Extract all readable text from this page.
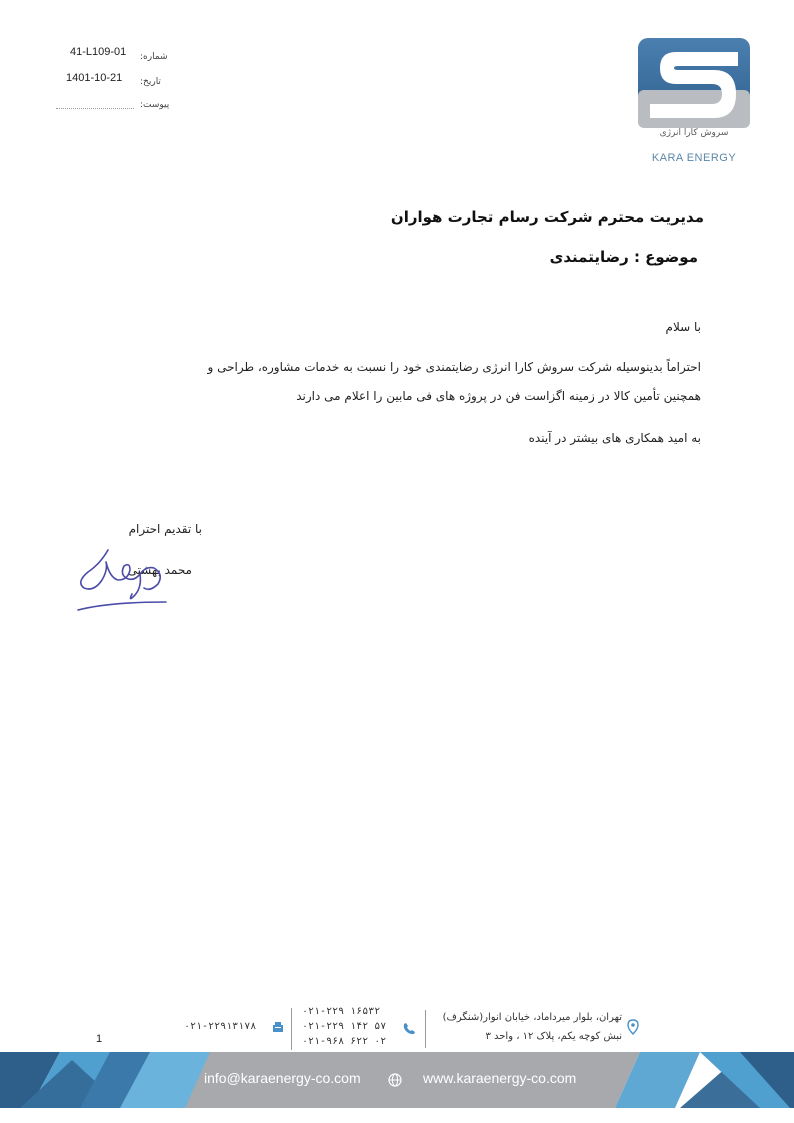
41-L109-01 شماره:
1401-10-21 تاریخ:
پیوست:
سروش کارا انرژی
KARA ENERGY
مدیریت محترم شرکت رسام تجارت هواران
موضوع : رضایتمندی
با سلام
احتراماً بدینوسیله شرکت سروش کارا انرژی رضایتمندی خود را نسبت به خدمات مشاوره، طراحی و
همچنین تأمین کالا در زمینه اگزاست فن در پروژه های فی مابین را اعلام می دارند
به امید همکاری های بیشتر در آینده
با تقدیم احترام
محمد بهشتی
تهران، بلوار میرداماد، خیابان انوار(شنگرف)
نبش کوچه یکم، پلاک ۱۲ ، واحد ۳
۰۲۱-۲۲۹ ۱۶۵۳۲
۰۲۱-۲۲۹ ۱۴۲ ۵۷
۰۲۱-۹۶۸ ۶۲۲ ۰۲
۰۲۱-۲۲۹۱۳۱۷۸
1
info@karaenergy-co.com	www.karaenergy-co.com
